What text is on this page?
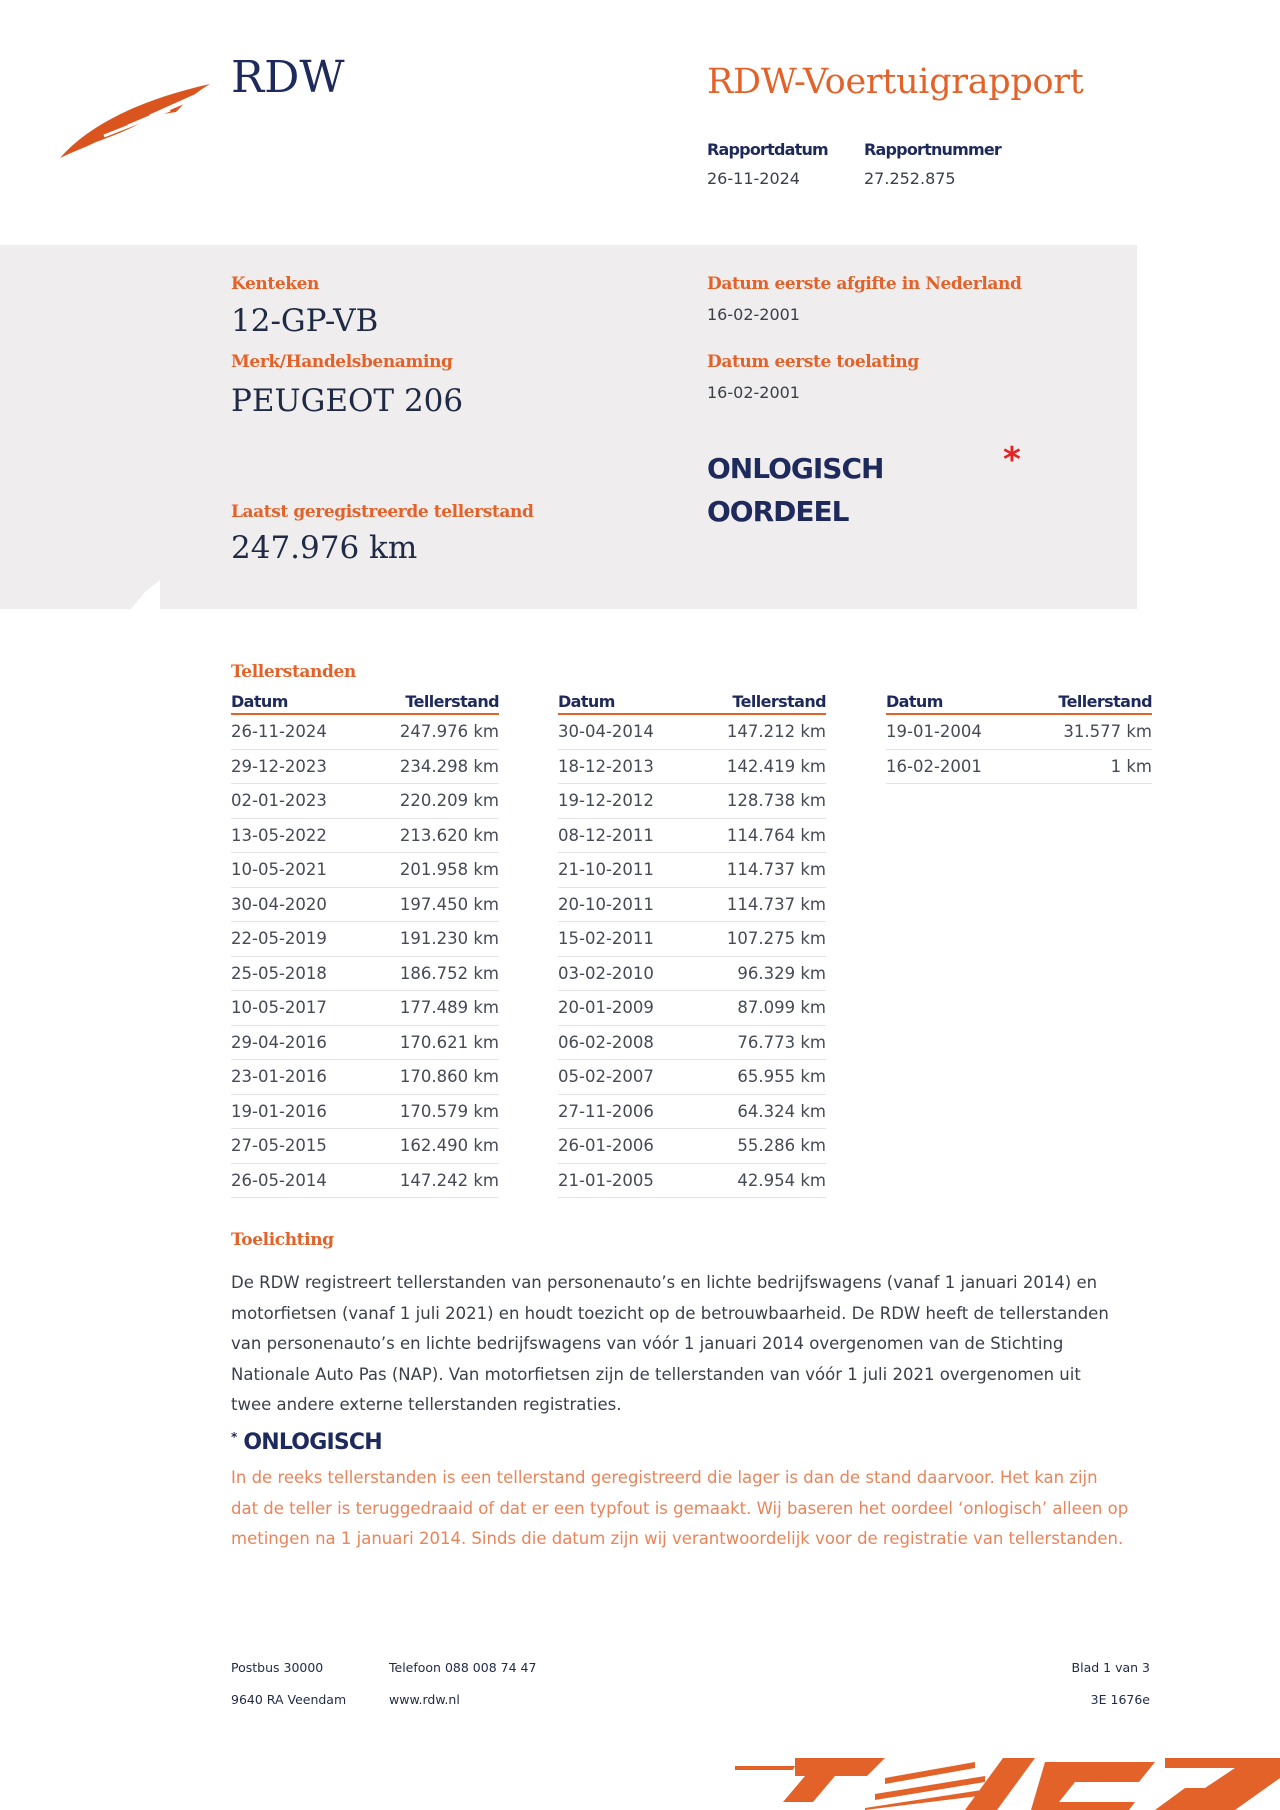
RDW	RDW-Voertuigrapport
Rapportdatum
26-11-2024
Rapportnummer
27.252.875
Kenteken
12-GP-VB
Merk/Handelsbenaming
PEUGEOT 206
Datum eerste afgifte in Nederland
16-02-2001
Datum eerste toelating
16-02-2001
ONLOGISCH
OORDEEL
*
Laatst geregistreerde tellerstand
247.976 km
Tellerstanden
Datum	Tellerstand
26-11-2024	247.976 km
29-12-2023	234.298 km
02-01-2023	220.209 km
13-05-2022	213.620 km
10-05-2021	201.958 km
30-04-2020	197.450 km
22-05-2019	191.230 km
25-05-2018	186.752 km
10-05-2017	177.489 km
29-04-2016	170.621 km
23-01-2016	170.860 km
19-01-2016	170.579 km
27-05-2015	162.490 km
26-05-2014	147.242 km
Datum	Tellerstand
30-04-2014	147.212 km
18-12-2013	142.419 km
19-12-2012	128.738 km
08-12-2011	114.764 km
21-10-2011	114.737 km
20-10-2011	114.737 km
15-02-2011	107.275 km
03-02-2010	96.329 km
20-01-2009	87.099 km
06-02-2008	76.773 km
05-02-2007	65.955 km
27-11-2006	64.324 km
26-01-2006	55.286 km
21-01-2005	42.954 km
Datum	Tellerstand
19-01-2004	31.577 km
16-02-2001	1 km
Toelichting
De RDW registreert tellerstanden van personenauto’s en lichte bedrijfswagens (vanaf 1 januari 2014) en
motorfietsen (vanaf 1 juli 2021) en houdt toezicht op de betrouwbaarheid. De RDW heeft de tellerstanden
van personenauto’s en lichte bedrijfswagens van vóór 1 januari 2014 overgenomen van de Stichting
Nationale Auto Pas (NAP). Van motorfietsen zijn de tellerstanden van vóór 1 juli 2021 overgenomen uit
twee andere externe tellerstanden registraties.
* ONLOGISCH
In de reeks tellerstanden is een tellerstand geregistreerd die lager is dan de stand daarvoor. Het kan zijn
dat de teller is teruggedraaid of dat er een typfout is gemaakt. Wij baseren het oordeel ‘onlogisch’ alleen op
metingen na 1 januari 2014. Sinds die datum zijn wij verantwoordelijk voor de registratie van tellerstanden.
Postbus 30000
9640 RA Veendam
Telefoon 088 008 74 47
www.rdw.nl
Blad 1 van 3
3E 1676e
